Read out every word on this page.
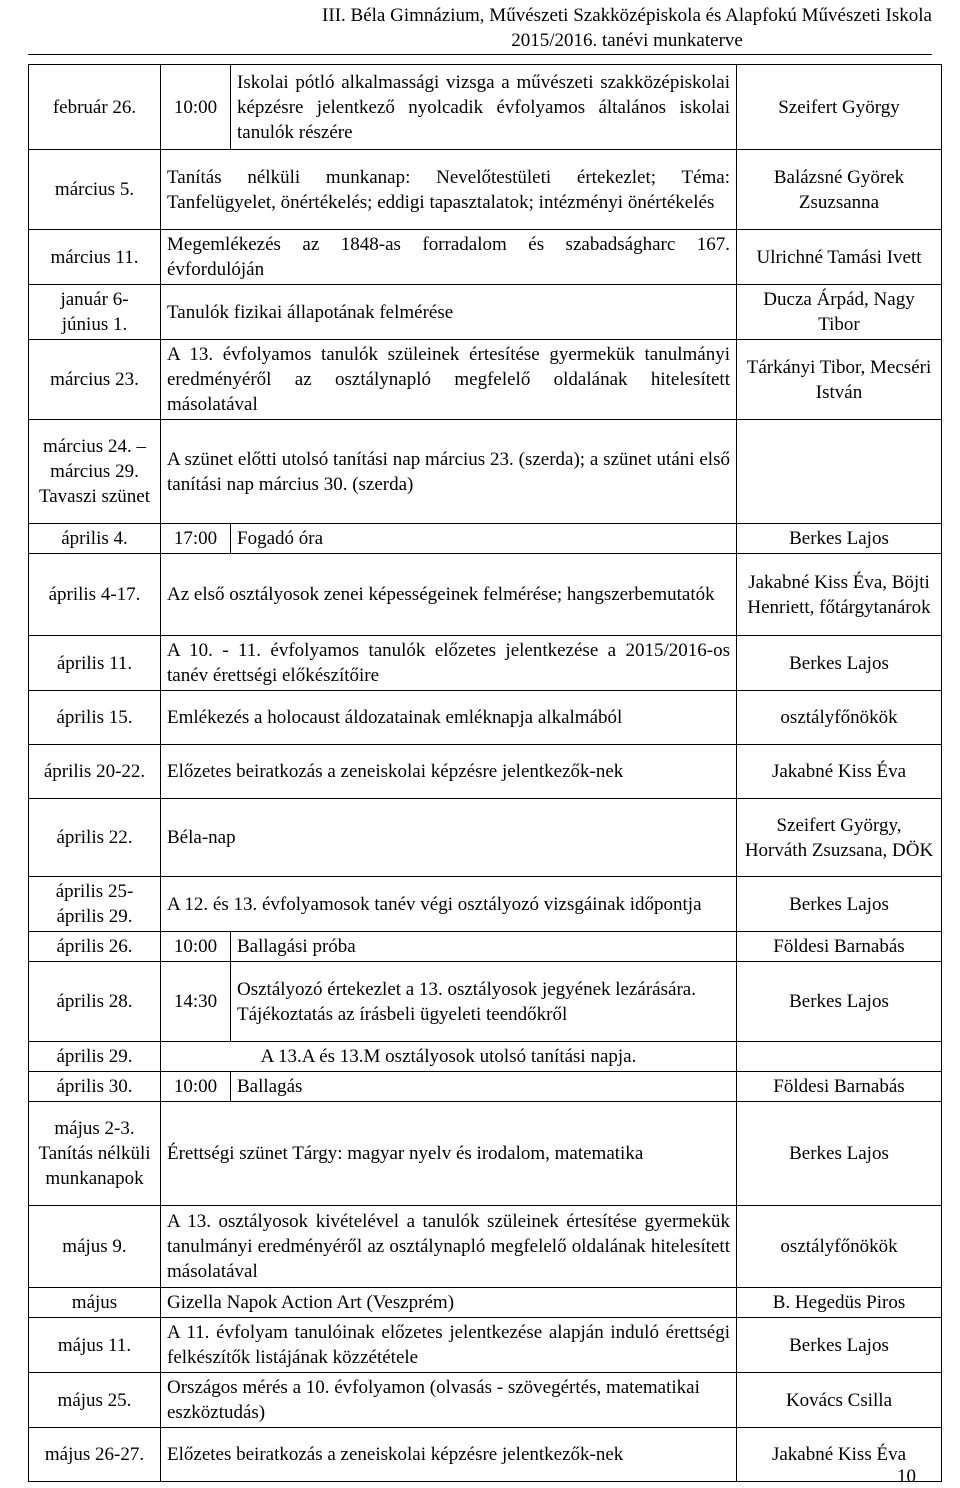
III. Béla Gimnázium, Művészeti Szakközépiskola és Alapfokú Művészeti Iskola
2015/2016. tanévi munkaterve
február 26.	10:00	Iskolai pótló alkalmassági vizsga a művészeti szakközépiskolai képzésre jelentkező nyolcadik évfolyamos általános iskolai tanulók részére	Szeifert György
március 5.	Tanítás nélküli munkanap: Nevelőtestületi értekezlet; Téma: Tanfelügyelet, önértékelés; eddigi tapasztalatok; intézményi önértékelés		Balázsné Györek Zsuzsanna
március 11.	Megemlékezés az 1848-as forradalom és szabadságharc 167. évfordulóján		Ulrichné Tamási Ivett
január 6- június 1.	Tanulók fizikai állapotának felmérése		Ducza Árpád, Nagy Tibor
március 23.	A 13. évfolyamos tanulók szüleinek értesítése gyermekük tanulmányi eredményéről az osztálynapló megfelelő oldalának hitelesített másolatával		Tárkányi Tibor, Mecséri István
március 24. – március 29. Tavaszi szünet	A szünet előtti utolsó tanítási nap március 23. (szerda); a szünet utáni első tanítási nap március 30. (szerda)		
április 4.	17:00	Fogadó óra	Berkes Lajos
április 4-17.	Az első osztályosok zenei képességeinek felmérése; hangszerbemutatók		Jakabné Kiss Éva, Böjti Henriett, főtárgytanárok
április 11.	A 10. - 11. évfolyamos tanulók előzetes jelentkezése a 2015/2016-os tanév érettségi előkészítőire		Berkes Lajos
április 15.	Emlékezés a holocaust áldozatainak emléknapja alkalmából		osztályfőnökök
április 20-22.	Előzetes beiratkozás a zeneiskolai képzésre jelentkezők-nek		Jakabné Kiss Éva
április 22.	Béla-nap		Szeifert György, Horváth Zsuzsana, DÖK
április 25- április 29.	A 12. és 13. évfolyamosok tanév végi osztályozó vizsgáinak időpontja		Berkes Lajos
április 26.	10:00	Ballagási próba	Földesi Barnabás
április 28.	14:30	Osztályozó értekezlet a 13. osztályosok jegyének lezárására. Tájékoztatás az írásbeli ügyeleti teendőkről	Berkes Lajos
április 29.	A 13.A és 13.M osztályosok utolsó tanítási napja.		
április 30.	10:00	Ballagás	Földesi Barnabás
május 2-3. Tanítás nélküli munkanapok	Érettségi szünet Tárgy: magyar nyelv és irodalom, matematika		Berkes Lajos
május 9.	A 13. osztályosok kivételével a tanulók szüleinek értesítése gyermekük tanulmányi eredményéről az osztálynapló megfelelő oldalának hitelesített másolatával		osztályfőnökök
május	Gizella Napok Action Art (Veszprém)		B. Hegedüs Piros
május 11.	A 11. évfolyam tanulóinak előzetes jelentkezése alapján induló érettségi felkészítők listájának közzététele		Berkes Lajos
május 25.	Országos mérés a 10. évfolyamon (olvasás - szövegértés, matematikai eszköztudás)		Kovács Csilla
május 26-27.	Előzetes beiratkozás a zeneiskolai képzésre jelentkezők-nek		Jakabné Kiss Éva
10
